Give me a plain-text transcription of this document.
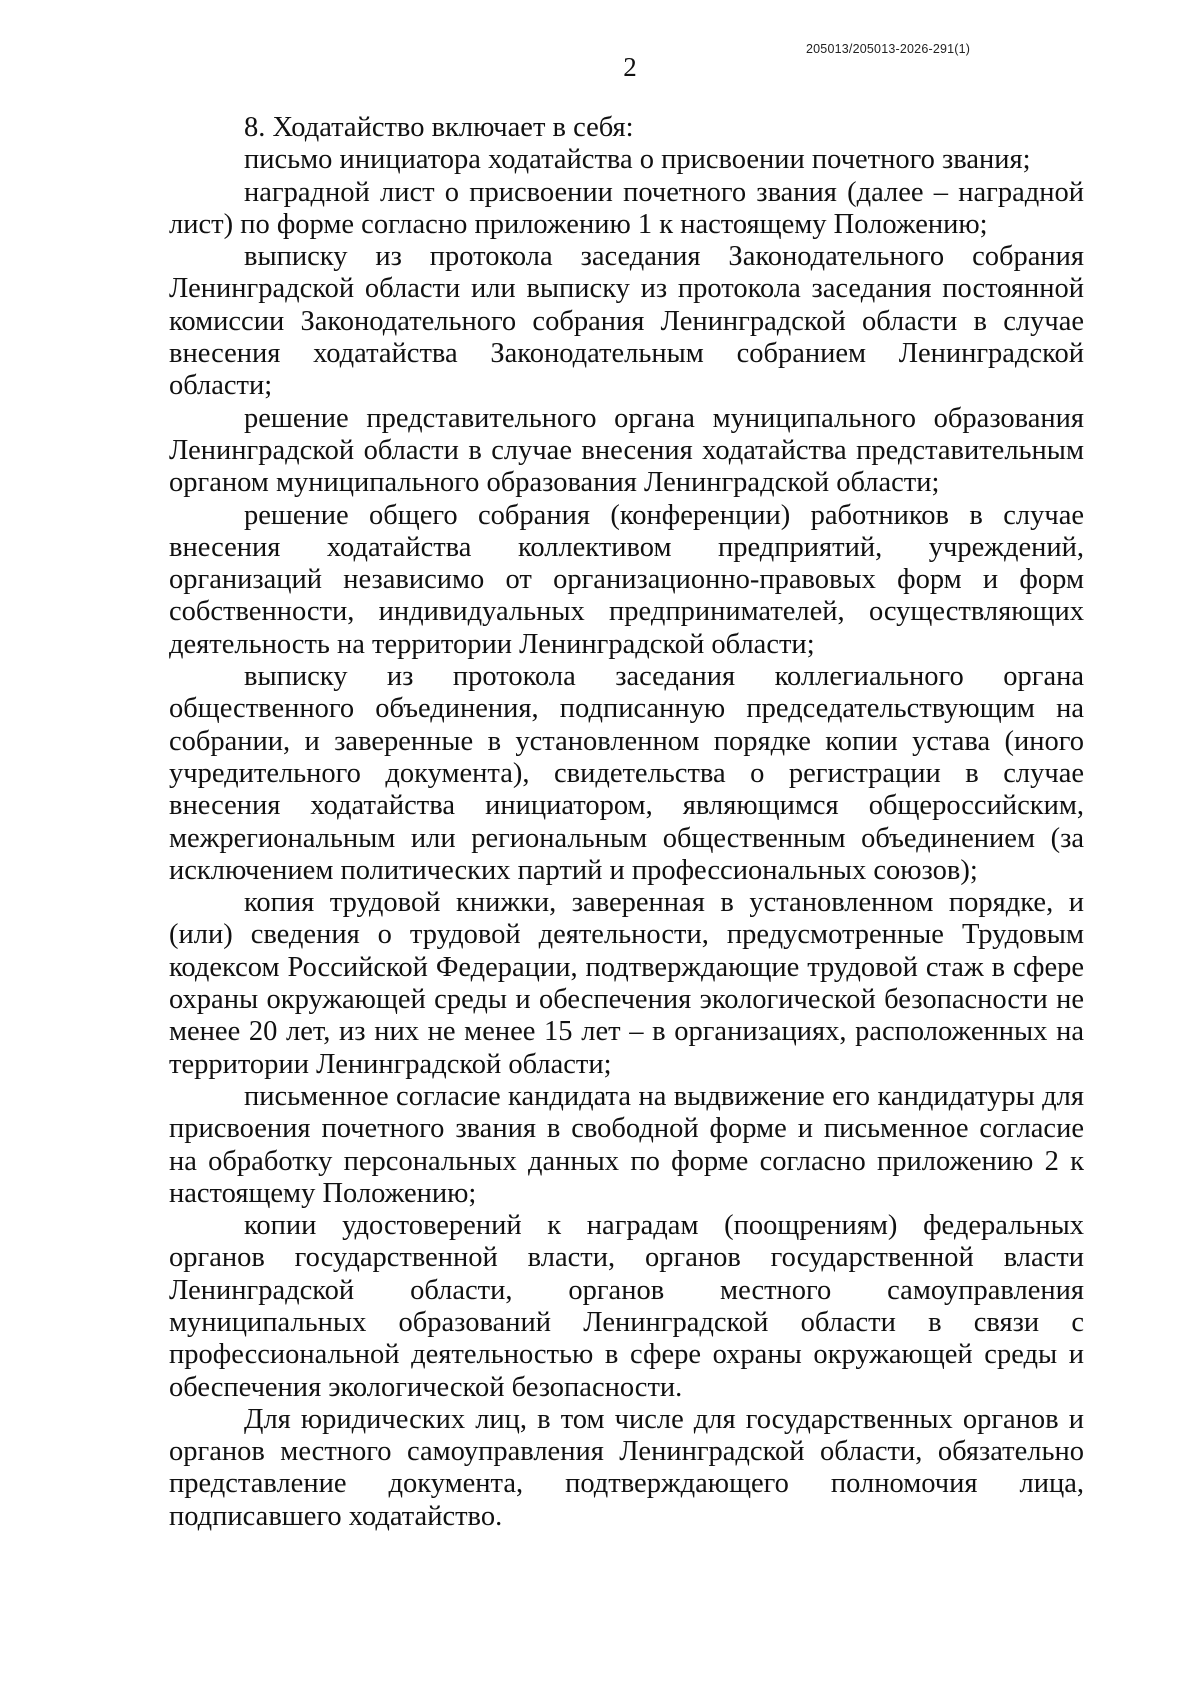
2
205013/205013-2026-291(1)

8. Ходатайство включает в себя:

письмо инициатора ходатайства о присвоении почетного звания;

наградной лист о присвоении почетного звания (далее – наградной лист) по форме согласно приложению 1 к настоящему Положению;

выписку из протокола заседания Законодательного собрания Ленинградской области или выписку из протокола заседания постоянной комиссии Законодательного собрания Ленинградской области в случае внесения ходатайства Законодательным собранием Ленинградской области;

решение представительного органа муниципального образования Ленинградской области в случае внесения ходатайства представительным органом муниципального образования Ленинградской области;

решение общего собрания (конференции) работников в случае внесения ходатайства коллективом предприятий, учреждений, организаций независимо от организационно-правовых форм и форм собственности, индивидуальных предпринимателей, осуществляющих деятельность на территории Ленинградской области;

выписку из протокола заседания коллегиального органа общественного объединения, подписанную председательствующим на собрании, и заверенные в установленном порядке копии устава (иного учредительного документа), свидетельства о регистрации в случае внесения ходатайства инициатором, являющимся общероссийским, межрегиональным или региональным общественным объединением (за исключением политических партий и профессиональных союзов);

копия трудовой книжки, заверенная в установленном порядке, и (или) сведения о трудовой деятельности, предусмотренные Трудовым кодексом Российской Федерации, подтверждающие трудовой стаж в сфере охраны окружающей среды и обеспечения экологической безопасности не менее 20 лет, из них не менее 15 лет – в организациях, расположенных на территории Ленинградской области;

письменное согласие кандидата на выдвижение его кандидатуры для присвоения почетного звания в свободной форме и письменное согласие на обработку персональных данных по форме согласно приложению 2 к настоящему Положению;

копии удостоверений к наградам (поощрениям) федеральных органов государственной власти, органов государственной власти Ленинградской области, органов местного самоуправления муниципальных образований Ленинградской области в связи с профессиональной деятельностью в сфере охраны окружающей среды и обеспечения экологической безопасности.

Для юридических лиц, в том числе для государственных органов и органов местного самоуправления Ленинградской области, обязательно представление документа, подтверждающего полномочия лица, подписавшего ходатайство.
